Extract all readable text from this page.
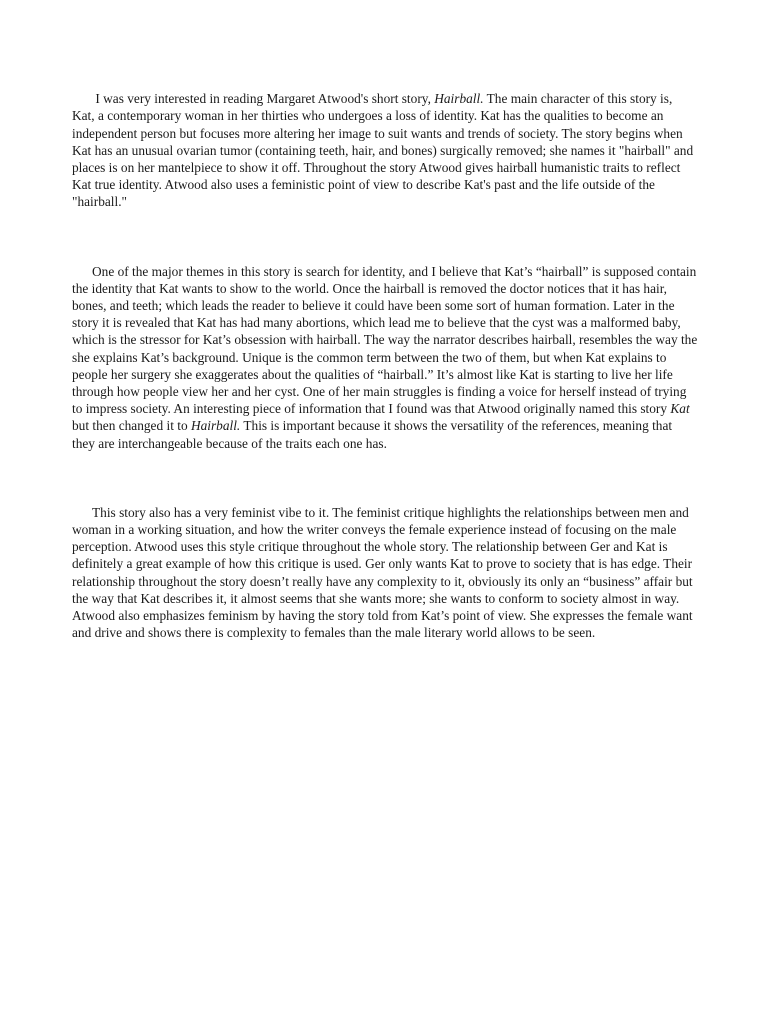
I was very interested in reading Margaret Atwood's short story, Hairball. The main character of this story is, Kat, a contemporary woman in her thirties who undergoes a loss of identity. Kat has the qualities to become an independent person but focuses more altering her image to suit wants and trends of society. The story begins when Kat has an unusual ovarian tumor (containing teeth, hair, and bones) surgically removed; she names it "hairball" and places is on her mantelpiece to show it off. Throughout the story Atwood gives hairball humanistic traits to reflect Kat true identity. Atwood also uses a feministic point of view to describe Kat's past and the life outside of the "hairball."

One of the major themes in this story is search for identity, and I believe that Kat’s “hairball” is supposed contain the identity that Kat wants to show to the world. Once the hairball is removed the doctor notices that it has hair, bones, and teeth; which leads the reader to believe it could have been some sort of human formation. Later in the story it is revealed that Kat has had many abortions, which lead me to believe that the cyst was a malformed baby, which is the stressor for Kat’s obsession with hairball. The way the narrator describes hairball, resembles the way the she explains Kat’s background. Unique is the common term between the two of them, but when Kat explains to people her surgery she exaggerates about the qualities of “hairball.” It’s almost like Kat is starting to live her life through how people view her and her cyst. One of her main struggles is finding a voice for herself instead of trying to impress society. An interesting piece of information that I found was that Atwood originally named this story Kat but then changed it to Hairball. This is important because it shows the versatility of the references, meaning that they are interchangeable because of the traits each one has.

This story also has a very feminist vibe to it. The feminist critique highlights the relationships between men and woman in a working situation, and how the writer conveys the female experience instead of focusing on the male perception. Atwood uses this style critique throughout the whole story. The relationship between Ger and Kat is definitely a great example of how this critique is used. Ger only wants Kat to prove to society that is has edge. Their relationship throughout the story doesn’t really have any complexity to it, obviously its only an “business” affair but the way that Kat describes it, it almost seems that she wants more; she wants to conform to society almost in way. Atwood also emphasizes feminism by having the story told from Kat’s point of view. She expresses the female want and drive and shows there is complexity to females than the male literary world allows to be seen.
